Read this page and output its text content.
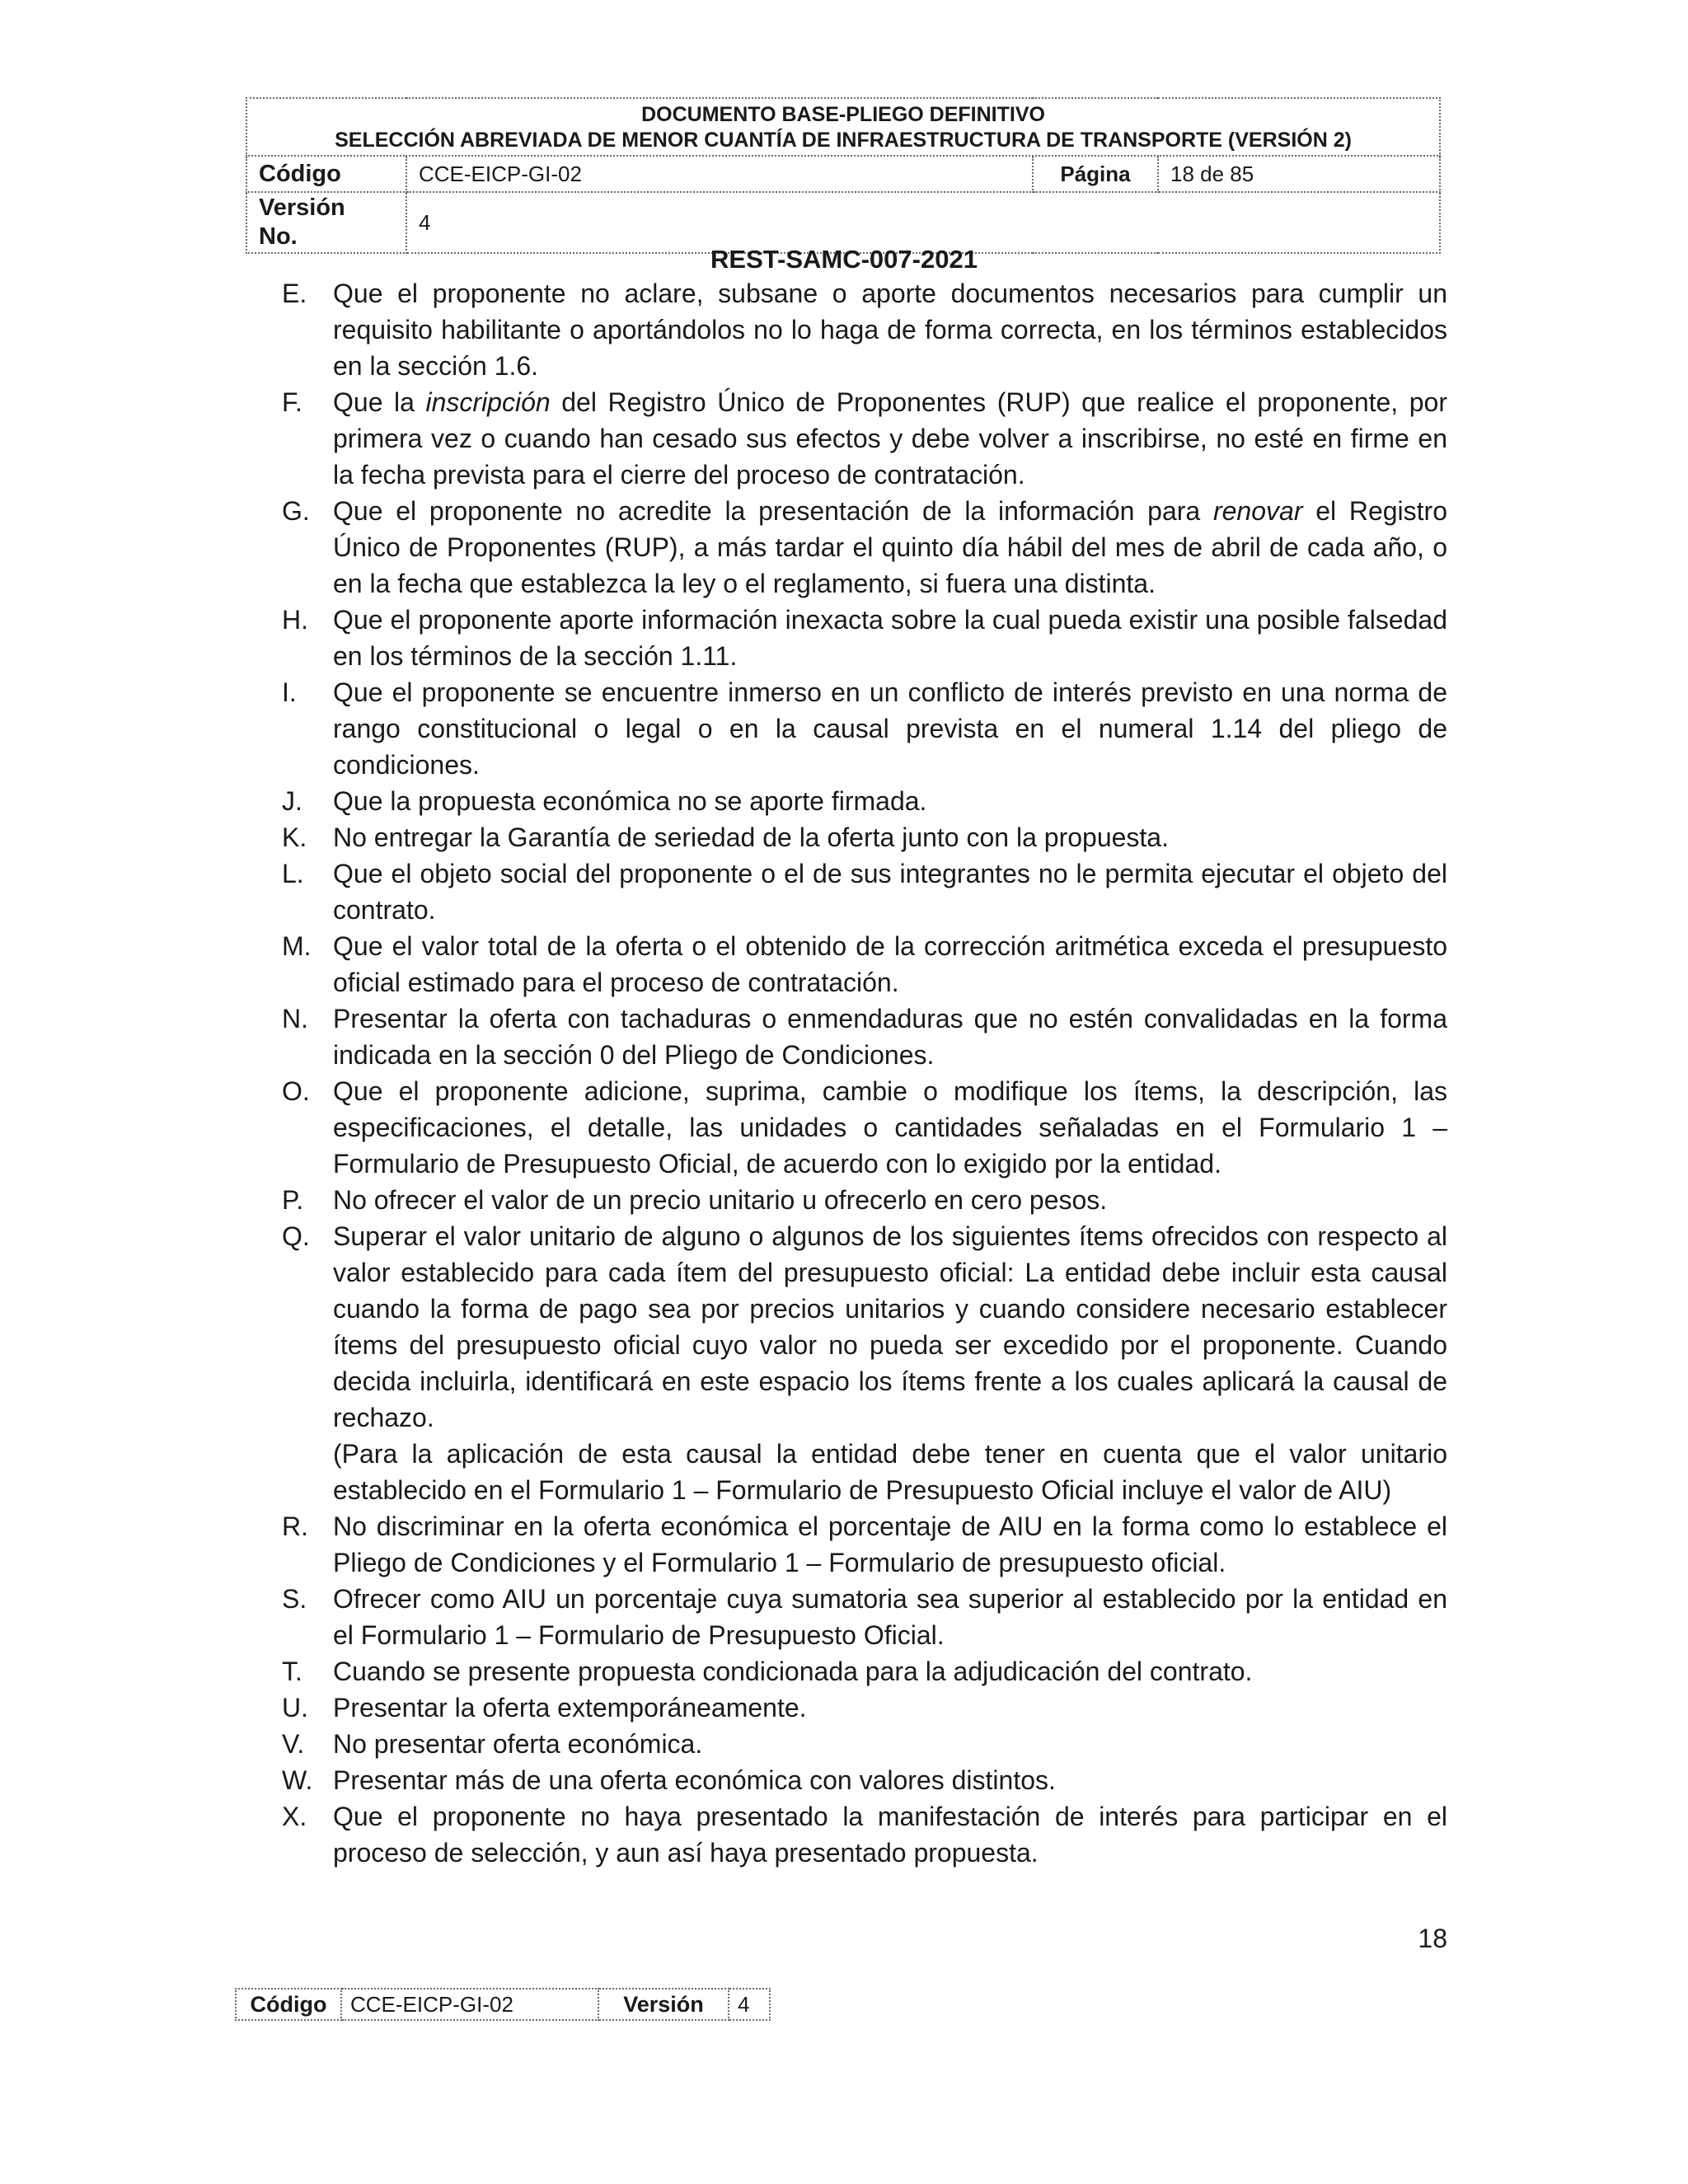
DOCUMENTO BASE-PLIEGO DEFINITIVO
SELECCIÓN ABREVIADA DE MENOR CUANTÍA DE INFRAESTRUCTURA DE TRANSPORTE (VERSIÓN 2)			

Código	CCE-EICP-GI-02	Página	18 de 85

Versión
No.	4		
REST-SAMC-007-2021
E. Que el proponente no aclare, subsane o aporte documentos necesarios para cumplir un requisito habilitante o aportándolos no lo haga de forma correcta, en los términos establecidos en la sección 1.6.

F. Que la inscripción del Registro Único de Proponentes (RUP) que realice el proponente, por primera vez o cuando han cesado sus efectos y debe volver a inscribirse, no esté en firme en la fecha prevista para el cierre del proceso de contratación.

G. Que el proponente no acredite la presentación de la información para renovar el Registro Único de Proponentes (RUP), a más tardar el quinto día hábil del mes de abril de cada año, o en la fecha que establezca la ley o el reglamento, si fuera una distinta.

H. Que el proponente aporte información inexacta sobre la cual pueda existir una posible falsedad en los términos de la sección 1.11.

I. Que el proponente se encuentre inmerso en un conflicto de interés previsto en una norma de rango constitucional o legal o en la causal prevista en el numeral 1.14 del pliego de condiciones.

J. Que la propuesta económica no se aporte firmada.

K. No entregar la Garantía de seriedad de la oferta junto con la propuesta.

L. Que el objeto social del proponente o el de sus integrantes no le permita ejecutar el objeto del contrato.

M. Que el valor total de la oferta o el obtenido de la corrección aritmética exceda el presupuesto oficial estimado para el proceso de contratación.

N. Presentar la oferta con tachaduras o enmendaduras que no estén convalidadas en la forma indicada en la sección 0 del Pliego de Condiciones.

O. Que el proponente adicione, suprima, cambie o modifique los ítems, la descripción, las especificaciones, el detalle, las unidades o cantidades señaladas en el Formulario 1 – Formulario de Presupuesto Oficial, de acuerdo con lo exigido por la entidad.

P. No ofrecer el valor de un precio unitario u ofrecerlo en cero pesos.

Q. Superar el valor unitario de alguno o algunos de los siguientes ítems ofrecidos con respecto al valor establecido para cada ítem del presupuesto oficial: La entidad debe incluir esta causal cuando la forma de pago sea por precios unitarios y cuando considere necesario establecer ítems del presupuesto oficial cuyo valor no pueda ser excedido por el proponente. Cuando decida incluirla, identificará en este espacio los ítems frente a los cuales aplicará la causal de rechazo.

(Para la aplicación de esta causal la entidad debe tener en cuenta que el valor unitario establecido en el Formulario 1 – Formulario de Presupuesto Oficial incluye el valor de AIU)

R. No discriminar en la oferta económica el porcentaje de AIU en la forma como lo establece el Pliego de Condiciones y el Formulario 1 – Formulario de presupuesto oficial.

S. Ofrecer como AIU un porcentaje cuya sumatoria sea superior al establecido por la entidad en el Formulario 1 – Formulario de Presupuesto Oficial.

T. Cuando se presente propuesta condicionada para la adjudicación del contrato.

U. Presentar la oferta extemporáneamente.

V. No presentar oferta económica.

W. Presentar más de una oferta económica con valores distintos.

X. Que el proponente no haya presentado la manifestación de interés para participar en el proceso de selección, y aun así haya presentado propuesta.

18
Código	CCE-EICP-GI-02	Versión	4
